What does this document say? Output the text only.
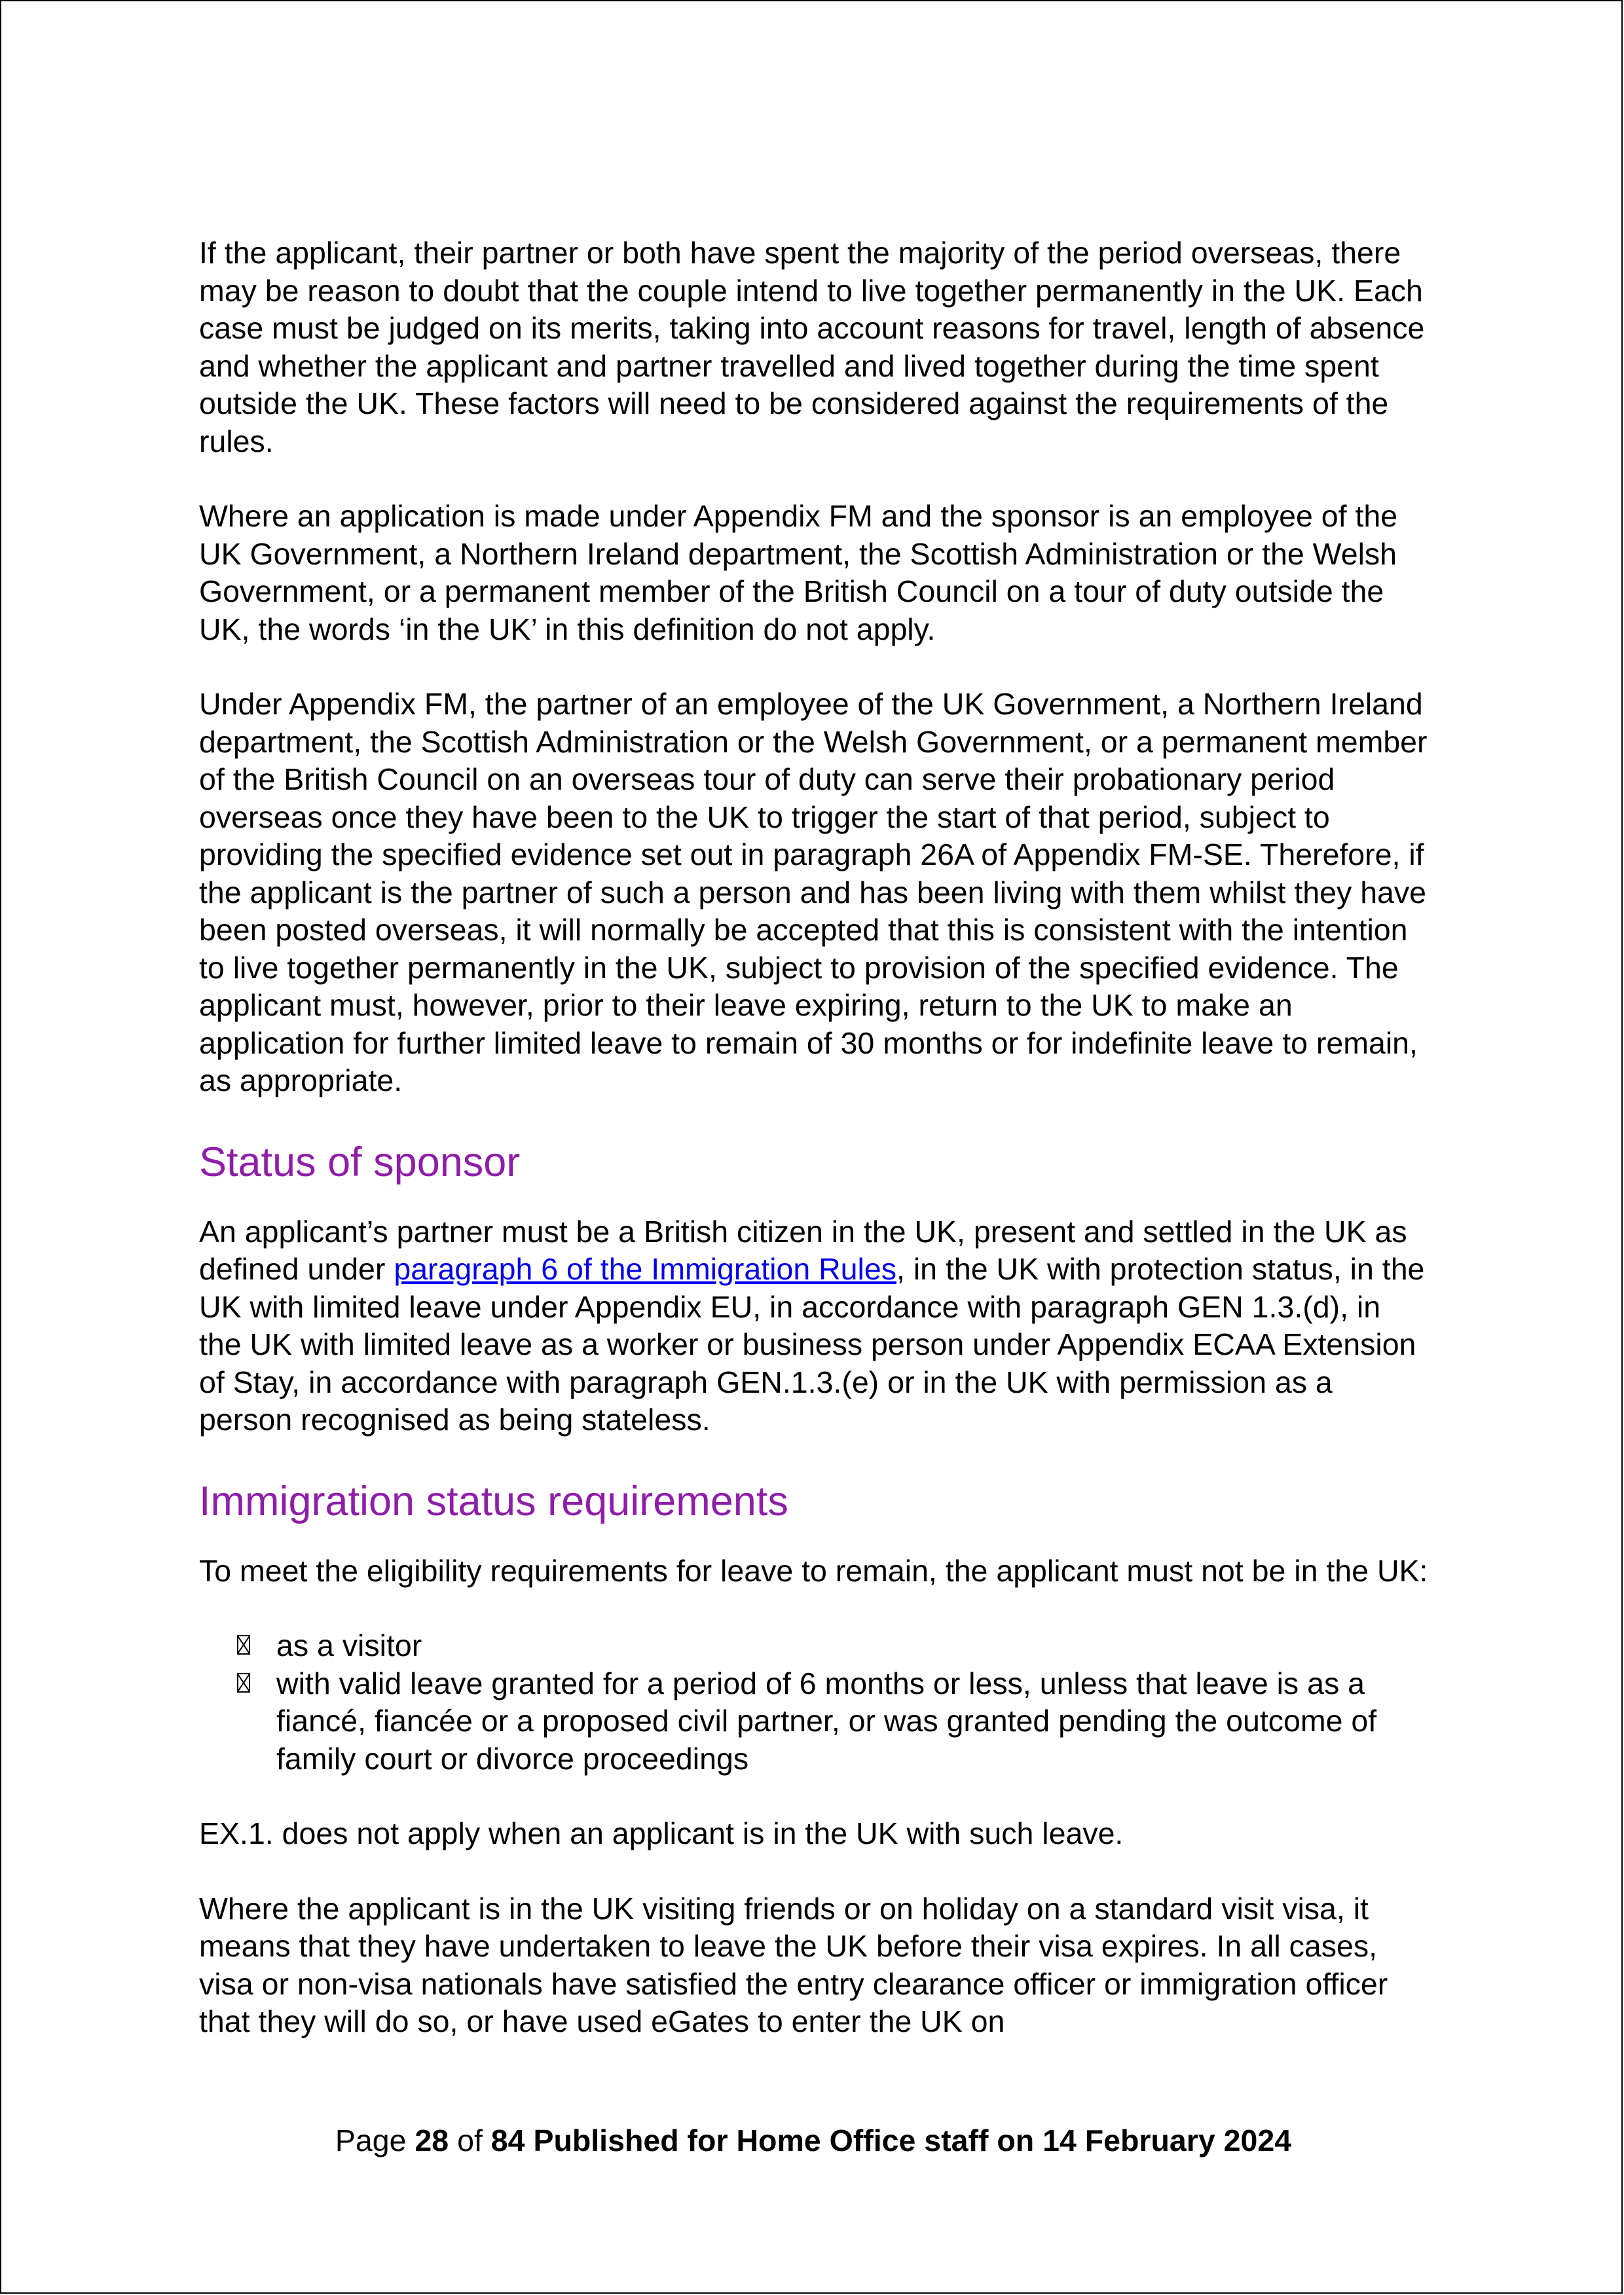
If the applicant, their partner or both have spent the majority of the period overseas, there may be reason to doubt that the couple intend to live together permanently in the UK. Each case must be judged on its merits, taking into account reasons for travel, length of absence and whether the applicant and partner travelled and lived together during the time spent outside the UK. These factors will need to be considered against the requirements of the rules.

Where an application is made under Appendix FM and the sponsor is an employee of the UK Government, a Northern Ireland department, the Scottish Administration or the Welsh Government, or a permanent member of the British Council on a tour of duty outside the UK, the words ‘in the UK’ in this definition do not apply.

Under Appendix FM, the partner of an employee of the UK Government, a Northern Ireland department, the Scottish Administration or the Welsh Government, or a permanent member of the British Council on an overseas tour of duty can serve their probationary period overseas once they have been to the UK to trigger the start of that period, subject to providing the specified evidence set out in paragraph 26A of Appendix FM-SE. Therefore, if the applicant is the partner of such a person and has been living with them whilst they have been posted overseas, it will normally be accepted that this is consistent with the intention to live together permanently in the UK, subject to provision of the specified evidence. The applicant must, however, prior to their leave expiring, return to the UK to make an application for further limited leave to remain of 30 months or for indefinite leave to remain, as appropriate.

Status of sponsor

An applicant’s partner must be a British citizen in the UK, present and settled in the UK as defined under paragraph 6 of the Immigration Rules, in the UK with protection status, in the UK with limited leave under Appendix EU, in accordance with paragraph GEN 1.3.(d), in the UK with limited leave as a worker or business person under Appendix ECAA Extension of Stay, in accordance with paragraph GEN.1.3.(e) or in the UK with permission as a person recognised as being stateless.

Immigration status requirements

To meet the eligibility requirements for leave to remain, the applicant must not be in the UK:

as a visitor
with valid leave granted for a period of 6 months or less, unless that leave is as a fiancé, fiancée or a proposed civil partner, or was granted pending the outcome of family court or divorce proceedings

EX.1. does not apply when an applicant is in the UK with such leave.

Where the applicant is in the UK visiting friends or on holiday on a standard visit visa, it means that they have undertaken to leave the UK before their visa expires. In all cases, visa or non-visa nationals have satisfied the entry clearance officer or immigration officer that they will do so, or have used eGates to enter the UK on

Page 28 of 84 Published for Home Office staff on 14 February 2024
